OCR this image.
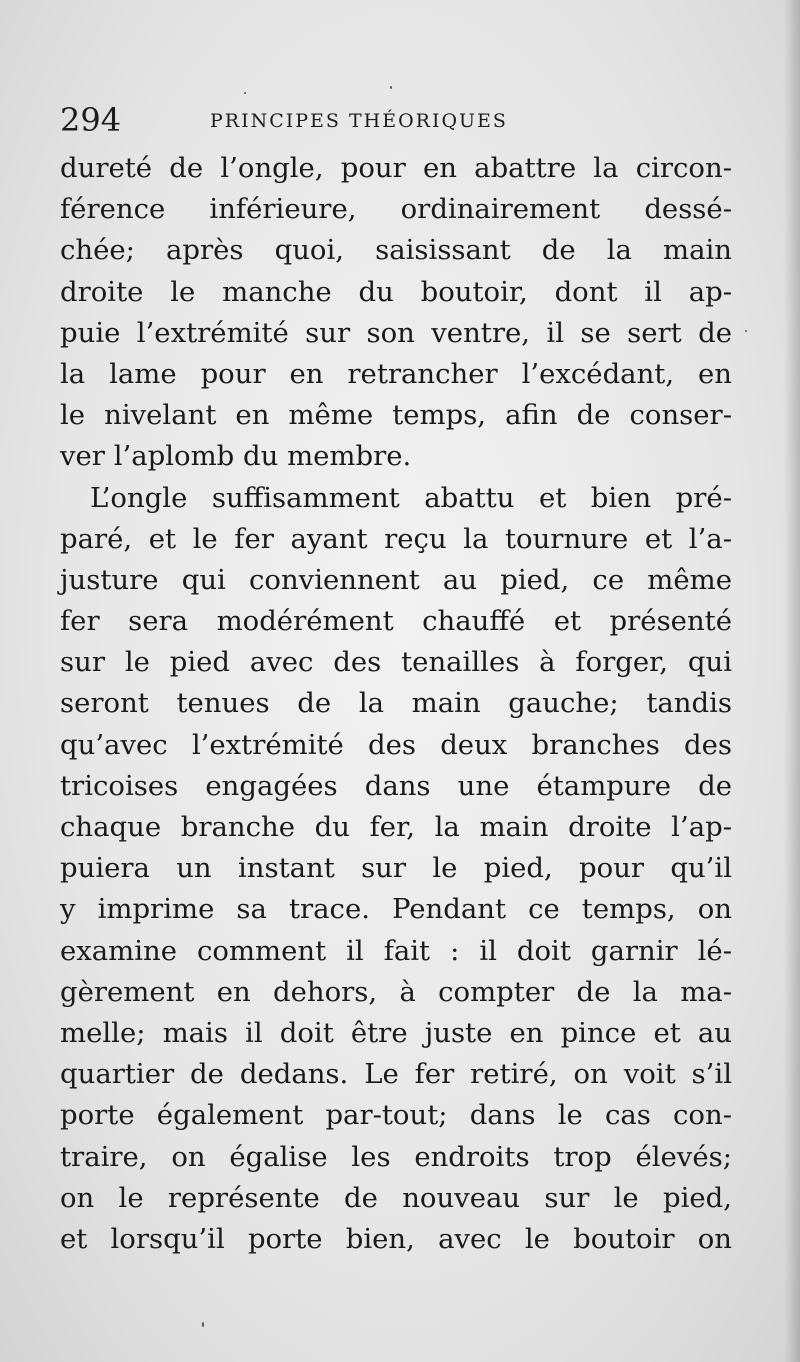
294	PRINCIPES THÉORIQUES
dureté de l’ongle, pour en abattre la circon-
férence inférieure, ordinairement dessé-
chée; après quoi, saisissant de la main
droite le manche du boutoir, dont il ap-
puie l’extrémité sur son ventre, il se sert de
la lame pour en retrancher l’excédant, en
le nivelant en même temps, afin de conser-
ver l’aplomb du membre.
L’ongle suffisamment abattu et bien pré-
paré, et le fer ayant reçu la tournure et l’a-
justure qui conviennent au pied, ce même
fer sera modérément chauffé et présenté
sur le pied avec des tenailles à forger, qui
seront tenues de la main gauche; tandis
qu’avec l’extrémité des deux branches des
tricoises engagées dans une étampure de
chaque branche du fer, la main droite l’ap-
puiera un instant sur le pied, pour qu’il
y imprime sa trace. Pendant ce temps, on
examine comment il fait : il doit garnir lé-
gèrement en dehors, à compter de la ma-
melle; mais il doit être juste en pince et au
quartier de dedans. Le fer retiré, on voit s’il
porte également par-tout; dans le cas con-
traire, on égalise les endroits trop élevés;
on le représente de nouveau sur le pied,
et lorsqu’il porte bien, avec le boutoir on
